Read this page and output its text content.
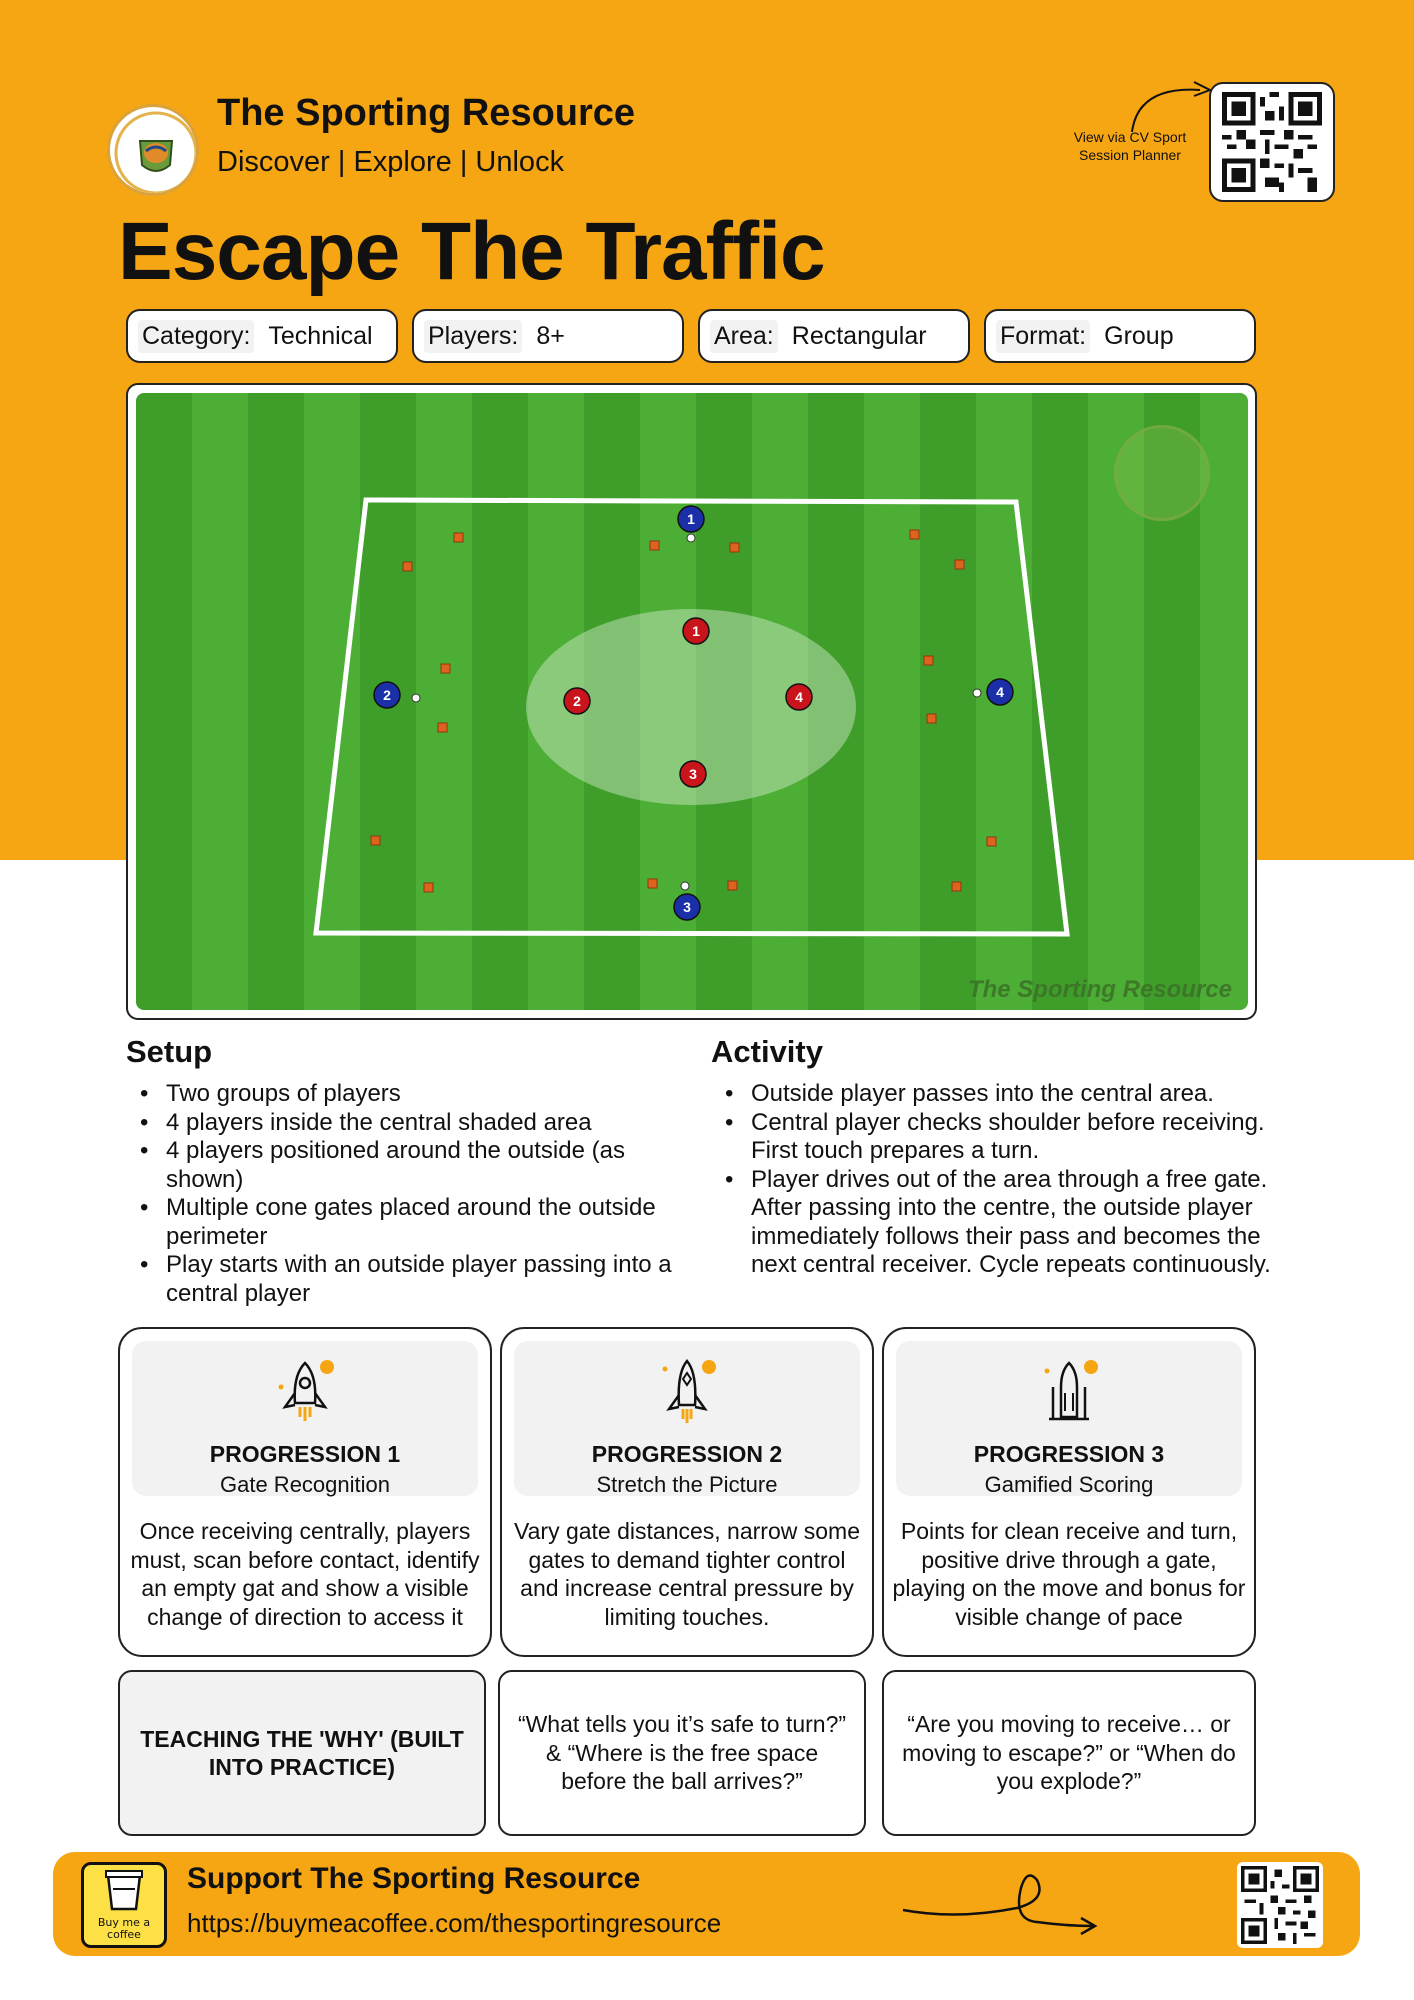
The Sporting Resource
Discover | Explore | Unlock
View via CV Sport Session Planner
Escape The Traffic
Category: Technical Players: 8+	Area: Rectangular	Format: Group
1
2
3
4
1
2
3
4
The Sporting Resource
Setup
• Two groups of players
• 4 players inside the central shaded area
• 4 players positioned around the outside (as shown)
• Multiple cone gates placed around the outside perimeter
• Play starts with an outside player passing into a central player
Activity
• Outside player passes into the central area.
• Central player checks shoulder before receiving. First touch prepares a turn.
• Player drives out of the area through a free gate. After passing into the centre, the outside player immediately follows their pass and becomes the next central receiver. Cycle repeats continuously.
PROGRESSION 1
Gate Recognition
Once receiving centrally, players must, scan before contact, identify an empty gat and show a visible change of direction to access it
PROGRESSION 2
Stretch the Picture
Vary gate distances, narrow some gates to demand tighter control and increase central pressure by limiting touches.
PROGRESSION 3
Gamified Scoring
Points for clean receive and turn, positive drive through a gate, playing on the move and bonus for visible change of pace
TEACHING THE 'WHY' (BUILT INTO PRACTICE)
“What tells you it’s safe to turn?” & “Where is the free space before the ball arrives?”
“Are you moving to receive… or moving to escape?” or “When do you explode?”
Buy me a coffee
Support The Sporting Resource
https://buymeacoffee.com/thesportingresource
